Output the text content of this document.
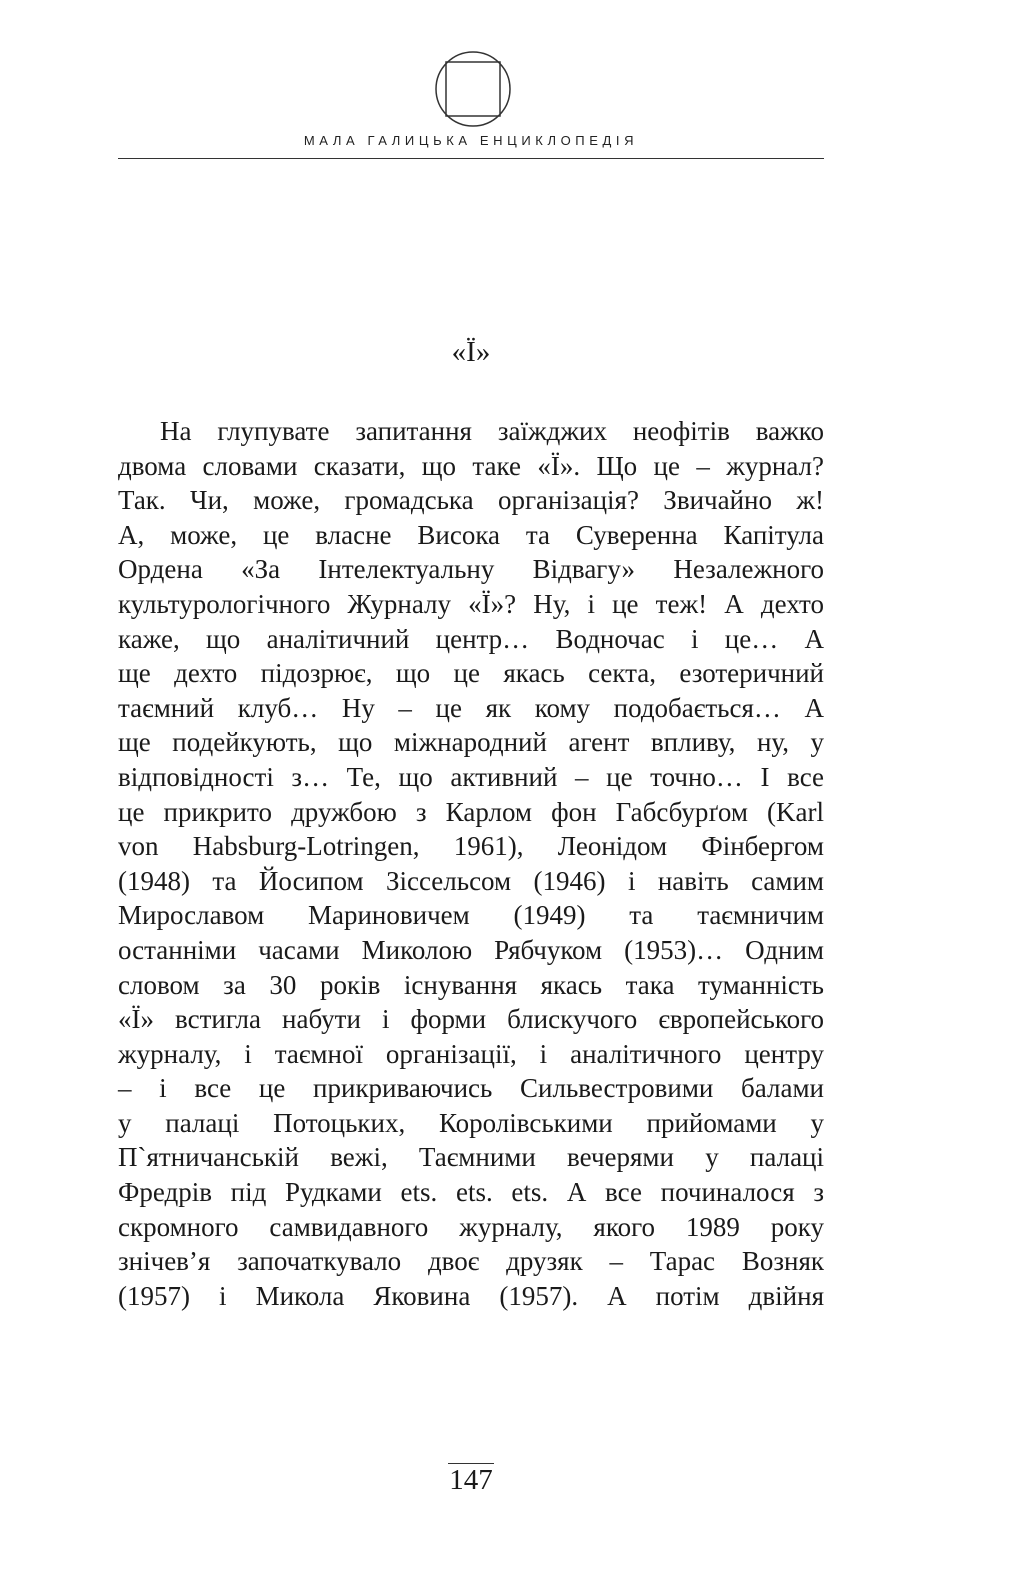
МАЛА ГАЛИЦЬКА ЕНЦИКЛОПЕДІЯ
«Ї»
На глупувате запитання заїжджих неофітів важко
двома словами сказати, що таке «Ї». Що це – журнал?
Так. Чи, може, громадська організація? Звичайно ж!
А, може, це власне Висока та Суверенна Капітула
Ордена «За Інтелектуальну Відвагу» Незалежного
культурологічного Журналу «Ї»? Ну, і це теж! А дехто
каже, що аналітичний центр… Водночас і це… А
ще дехто підозрює, що це якась секта, езотеричний
таємний клуб… Ну – це як кому подобається… А
ще подейкують, що міжнародний агент впливу, ну, у
відповідності з… Те, що активний – це точно… І все
це прикрито дружбою з Карлом фон Габсбурґом (Karl
von Habsburg-Lotringen, 1961), Леонідом Фінбергом
(1948) та Йосипом Зіссельсом (1946) і навіть самим
Мирославом Мариновичем (1949) та таємничим
останніми часами Миколою Рябчуком (1953)… Одним
словом за 30 років існування якась така туманність
«Ї» встигла набути і форми блискучого європейського
журналу, і таємної організації, і аналітичного центру
– і все це прикриваючись Сильвестровими балами
у палаці Потоцьких, Королівськими прийомами у
П`ятничанській вежі, Таємними вечерями у палаці
Фредрів під Рудками ets. ets. ets. А все починалося з
скромного самвидавного журналу, якого 1989 року
знічев’я започаткувало двоє друзяк – Тарас Возняк
(1957) і Микола Яковина (1957). А потім двійня
147
